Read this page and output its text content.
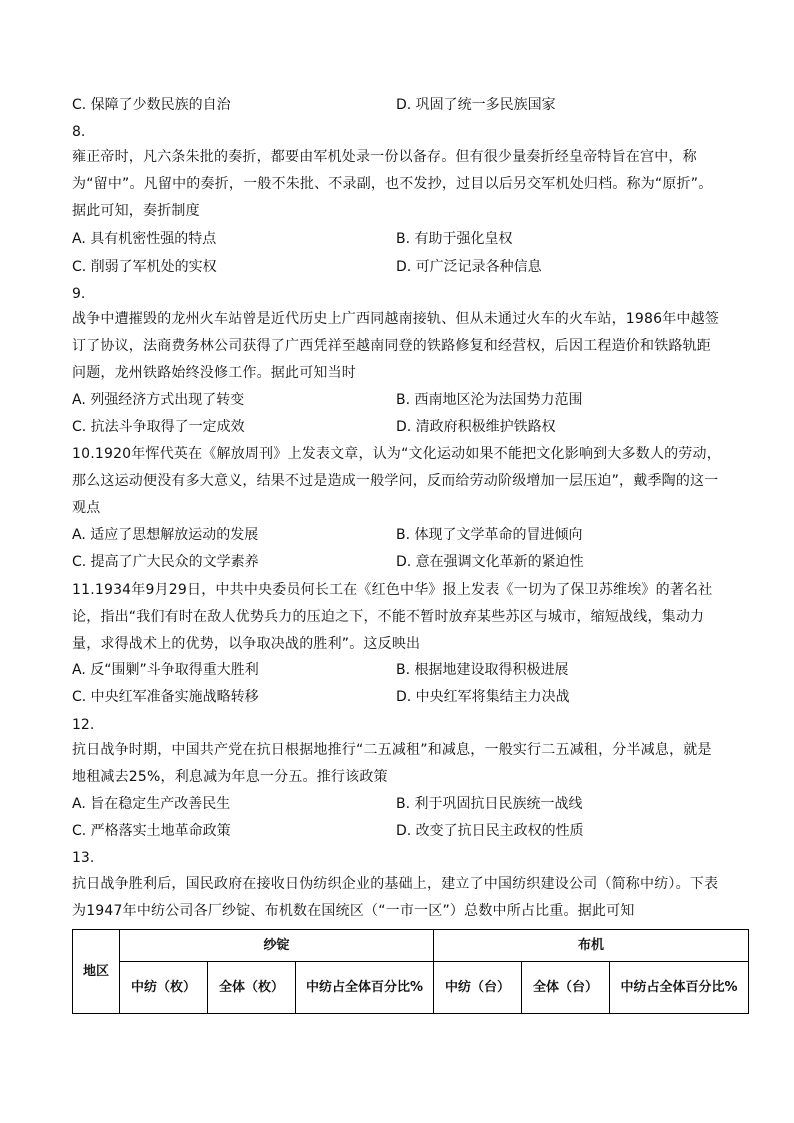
C. 保障了少数民族的自治	D. 巩固了统一多民族国家
8.
雍正帝时，凡六条朱批的奏折，都要由军机处录一份以备存。但有很少量奏折经皇帝特旨在宫中，称为“留中”。凡留中的奏折，一般不朱批、不录副，也不发抄，过目以后另交军机处归档。称为“原折”。据此可知，奏折制度
A. 具有机密性强的特点	B. 有助于强化皇权
C. 削弱了军机处的实权	D. 可广泛记录各种信息
9.
战争中遭摧毁的龙州火车站曾是近代历史上广西同越南接轨、但从未通过火车的火车站，1986年中越签订了协议，法商费务林公司获得了广西凭祥至越南同登的铁路修复和经营权，后因工程造价和铁路轨距问题，龙州铁路始终没修工作。据此可知当时
A. 列强经济方式出现了转变	B. 西南地区沦为法国势力范围
C. 抗法斗争取得了一定成效	D. 清政府积极维护铁路权
10.1920年恽代英在《解放周刊》上发表文章，认为“文化运动如果不能把文化影响到大多数人的劳动，那么这运动便没有多大意义，结果不过是造成一般学问，反而给劳动阶级增加一层压迫”，戴季陶的这一观点
A. 适应了思想解放运动的发展	B. 体现了文学革命的冒进倾向
C. 提高了广大民众的文学素养	D. 意在强调文化革新的紧迫性
11.1934年9月29日，中共中央委员何长工在《红色中华》报上发表《一切为了保卫苏维埃》的著名社论，指出“我们有时在敌人优势兵力的压迫之下，不能不暂时放弃某些苏区与城市，缩短战线，集动力量，求得战术上的优势，以争取决战的胜利”。这反映出
A. 反“围剿”斗争取得重大胜利	B. 根据地建设取得积极进展
C. 中央红军准备实施战略转移	D. 中央红军将集结主力决战
12.
抗日战争时期，中国共产党在抗日根据地推行“二五减租”和减息，一般实行二五减租，分半减息，就是地租减去25%，利息减为年息一分五。推行该政策
A. 旨在稳定生产改善民生	B. 利于巩固抗日民族统一战线
C. 严格落实土地革命政策	D. 改变了抗日民主政权的性质
13.
抗日战争胜利后，国民政府在接收日伪纺织企业的基础上，建立了中国纺织建设公司（简称中纺）。下表为1947年中纺公司各厂纱锭、布机数在国统区（“一市一区”）总数中所占比重。据此可知
地区	纱锭			布机		
	中纺（枚）	全体（枚）	中纺占全体百分比%	中纺（台）	全体（台）	中纺占全体百分比%
